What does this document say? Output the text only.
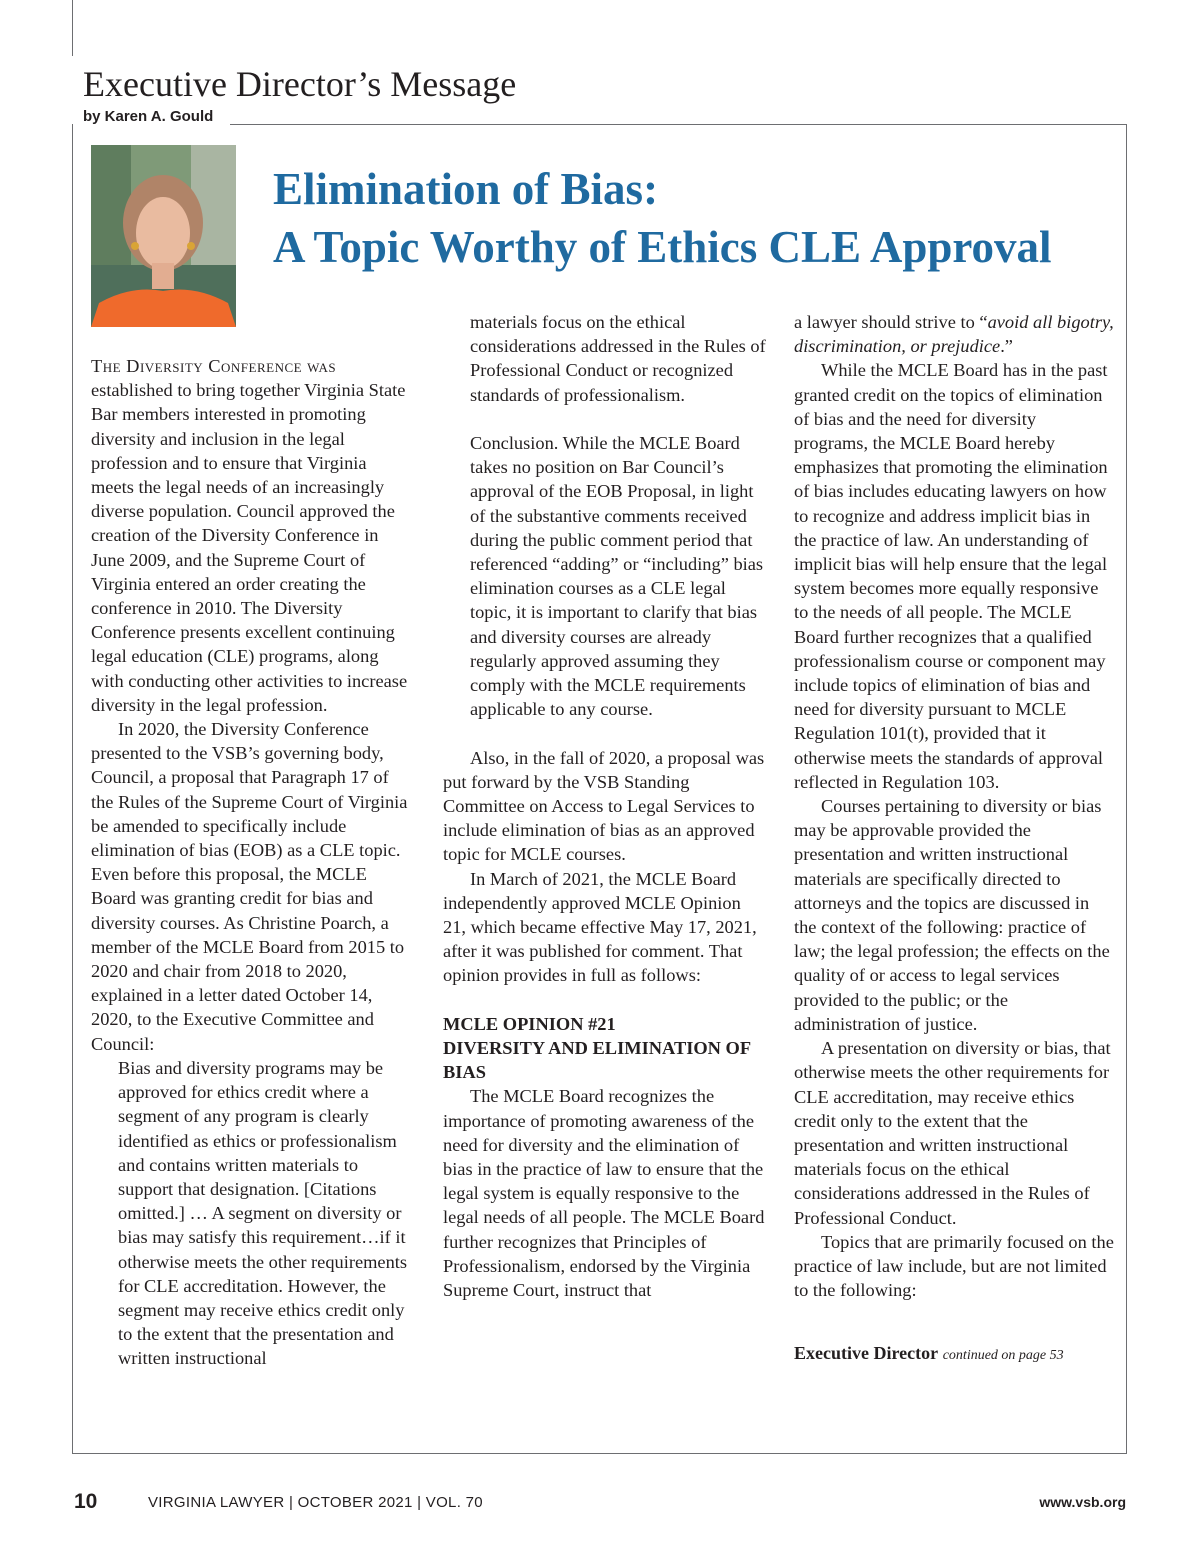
Executive Director’s Message
by Karen A. Gould
Elimination of Bias:
A Topic Worthy of Ethics CLE Approval

The Diversity Conference was established to bring together Virginia State Bar members interested in promoting diversity and inclusion in the legal profession and to ensure that Virginia meets the legal needs of an increasingly diverse population. Council approved the creation of the Diversity Conference in June 2009, and the Supreme Court of Virginia entered an order creating the conference in 2010. The Diversity Conference presents excellent continuing legal education (CLE) programs, along with conducting other activities to increase diversity in the legal profession.

In 2020, the Diversity Conference presented to the VSB’s governing body, Council, a proposal that Paragraph 17 of the Rules of the Supreme Court of Virginia be amended to specifically include elimination of bias (EOB) as a CLE topic. Even before this proposal, the MCLE Board was granting credit for bias and diversity courses. As Christine Poarch, a member of the MCLE Board from 2015 to 2020 and chair from 2018 to 2020, explained in a letter dated October 14, 2020, to the Executive Committee and Council:

Bias and diversity programs may be approved for ethics credit where a segment of any program is clearly identified as ethics or professionalism and contains written materials to support that designation. [Citations omitted.] … A segment on diversity or bias may satisfy this requirement…if it otherwise meets the other requirements for CLE accreditation. However, the segment may receive ethics credit only to the extent that the presentation and written instructional

materials focus on the ethical considerations addressed in the Rules of Professional Conduct or recognized standards of professionalism.

Conclusion. While the MCLE Board takes no position on Bar Council’s approval of the EOB Proposal, in light of the substantive comments received during the public comment period that referenced “adding” or “including” bias elimination courses as a CLE legal topic, it is important to clarify that bias and diversity courses are already regularly approved assuming they comply with the MCLE requirements applicable to any course.

Also, in the fall of 2020, a proposal was put forward by the VSB Standing Committee on Access to Legal Services to include elimination of bias as an approved topic for MCLE courses.

In March of 2021, the MCLE Board independently approved MCLE Opinion 21, which became effective May 17, 2021, after it was published for comment. That opinion provides in full as follows:

MCLE OPINION #21
DIVERSITY AND ELIMINATION OF BIAS

The MCLE Board recognizes the importance of promoting awareness of the need for diversity and the elimination of bias in the practice of law to ensure that the legal system is equally responsive to the legal needs of all people. The MCLE Board further recognizes that Principles of Professionalism, endorsed by the Virginia Supreme Court, instruct that

a lawyer should strive to “avoid all bigotry, discrimination, or prejudice.”

While the MCLE Board has in the past granted credit on the topics of elimination of bias and the need for diversity programs, the MCLE Board hereby emphasizes that promoting the elimination of bias includes educating lawyers on how to recognize and address implicit bias in the practice of law. An understanding of implicit bias will help ensure that the legal system becomes more equally responsive to the needs of all people. The MCLE Board further recognizes that a qualified professionalism course or component may include topics of elimination of bias and need for diversity pursuant to MCLE Regulation 101(t), provided that it otherwise meets the standards of approval reflected in Regulation 103.

Courses pertaining to diversity or bias may be approvable provided the presentation and written instructional materials are specifically directed to attorneys and the topics are discussed in the context of the following: practice of law; the legal profession; the effects on the quality of or access to legal services provided to the public; or the administration of justice.

A presentation on diversity or bias, that otherwise meets the other requirements for CLE accreditation, may receive ethics credit only to the extent that the presentation and written instructional materials focus on the ethical considerations addressed in the Rules of Professional Conduct.

Topics that are primarily focused on the practice of law include, but are not limited to the following:

Executive Director continued on page 53

10	VIRGINIA LAWYER | OCTOBER 2021 | VOL. 70	www.vsb.org
